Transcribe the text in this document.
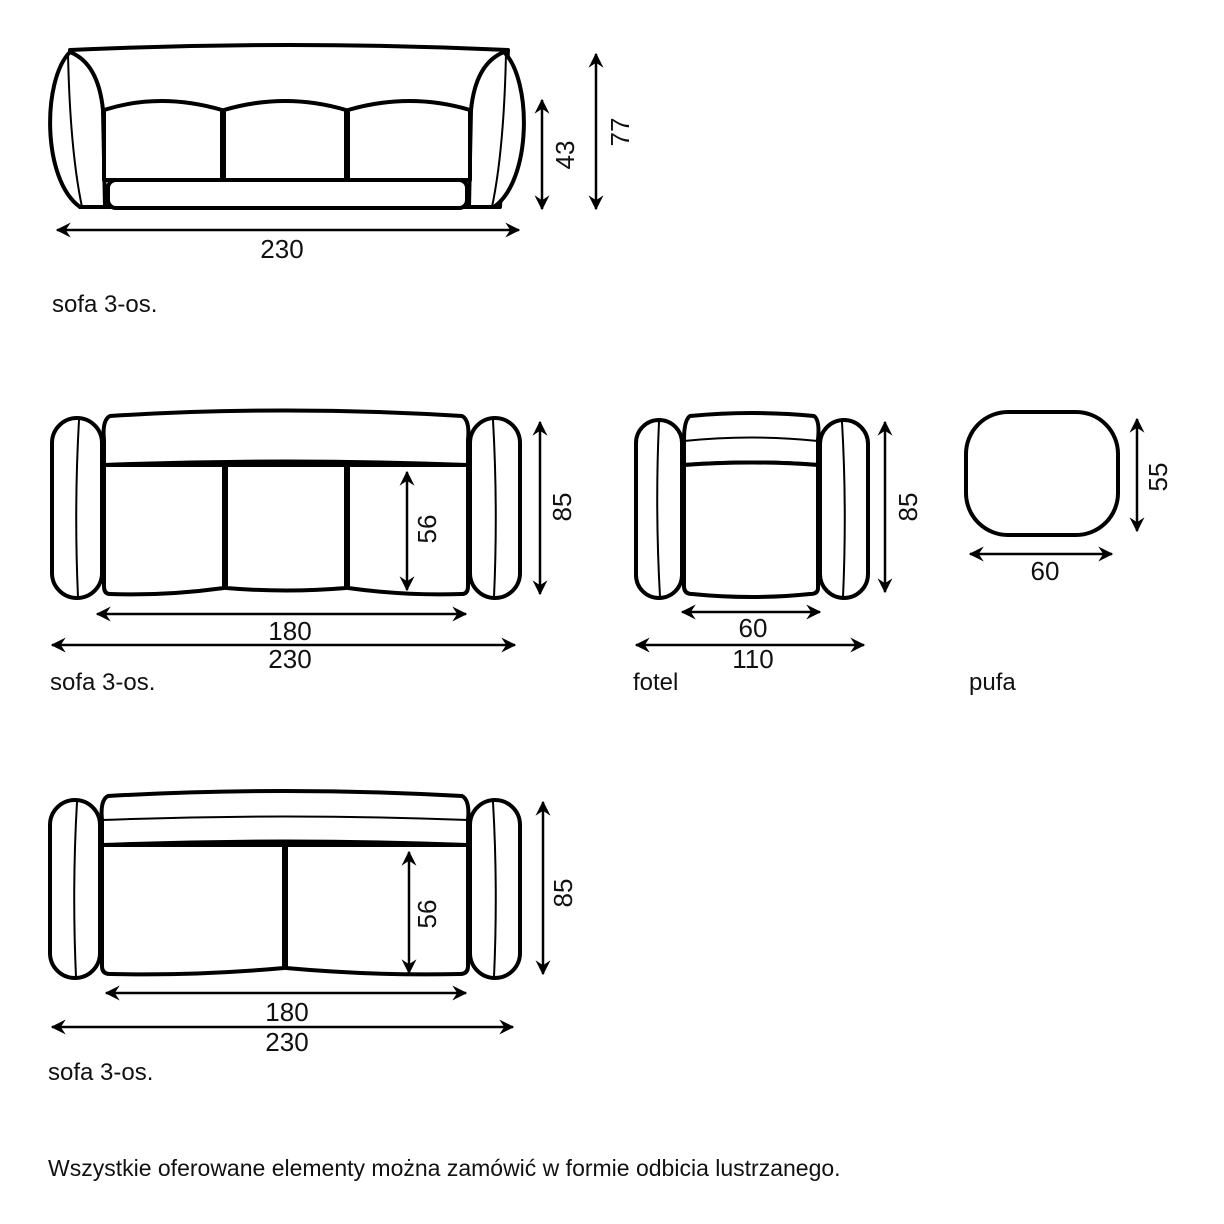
230
43
77
sofa 3-os.
56
85
180
230
sofa 3-os.
85
60
110
fotel
55
60
pufa
56
85
180
230
sofa 3-os.
Wszystkie oferowane elementy można zamówić w formie odbicia lustrzanego.
